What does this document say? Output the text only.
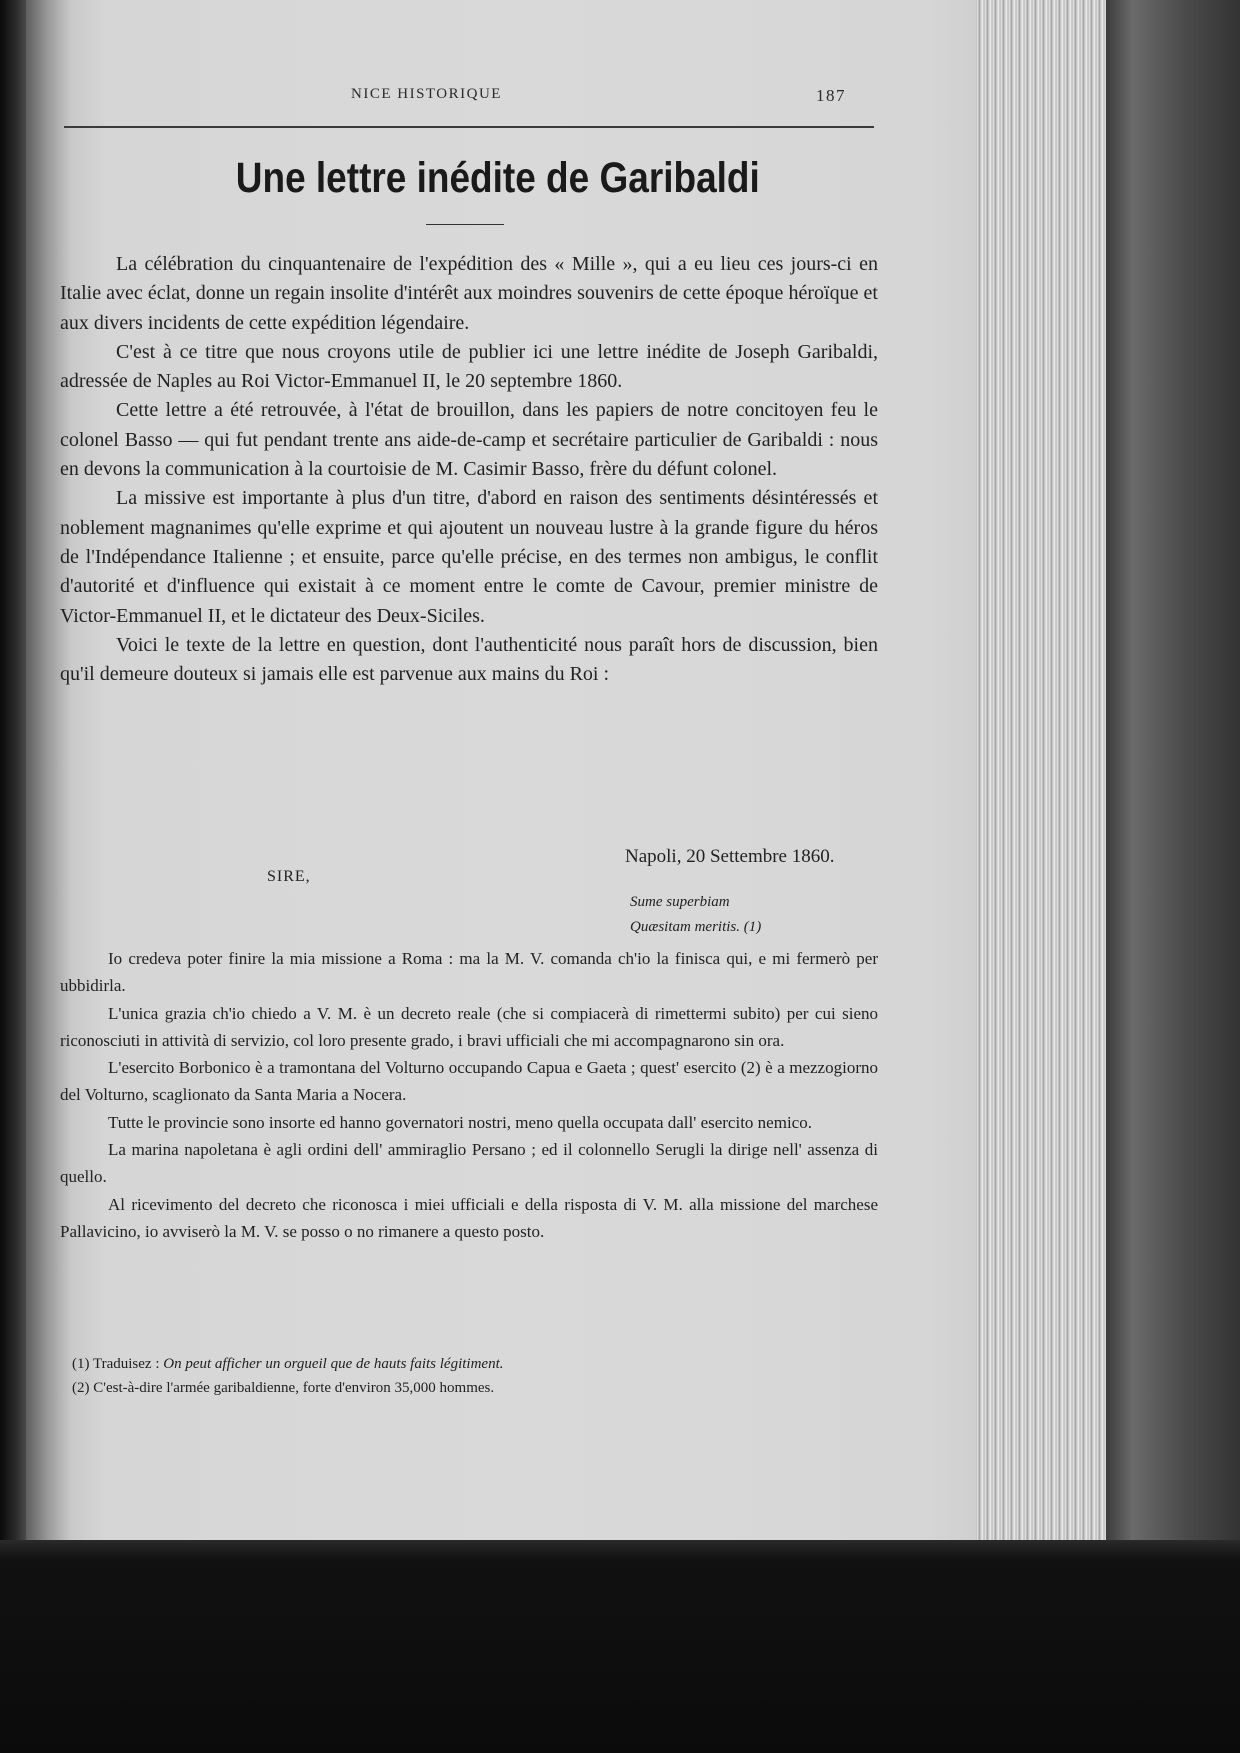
NICE HISTORIQUE	187
Une lettre inédite de Garibaldi

La célébration du cinquantenaire de l'expédition des « Mille », qui a eu lieu ces jours-ci en Italie avec éclat, donne un regain insolite d'intérêt aux moindres souvenirs de cette époque héroïque et aux divers incidents de cette expédition légendaire.

C'est à ce titre que nous croyons utile de publier ici une lettre inédite de Joseph Garibaldi, adressée de Naples au Roi Victor-Emmanuel II, le 20 septembre 1860.

Cette lettre a été retrouvée, à l'état de brouillon, dans les papiers de notre concitoyen feu le colonel Basso — qui fut pendant trente ans aide-de-camp et secrétaire particulier de Garibaldi : nous en devons la communication à la courtoisie de M. Casimir Basso, frère du défunt colonel.

La missive est importante à plus d'un titre, d'abord en raison des sentiments désintéressés et noblement magnanimes qu'elle exprime et qui ajoutent un nouveau lustre à la grande figure du héros de l'Indépendance Italienne ; et ensuite, parce qu'elle précise, en des termes non ambigus, le conflit d'autorité et d'influence qui existait à ce moment entre le comte de Cavour, premier ministre de Victor-Emmanuel II, et le dictateur des Deux-Siciles.

Voici le texte de la lettre en question, dont l'authenticité nous paraît hors de discussion, bien qu'il demeure douteux si jamais elle est parvenue aux mains du Roi :

Napoli, 20 Settembre 1860.
SIRE,
Sume superbiam
Quæsitam meritis. (1)

Io credeva poter finire la mia missione a Roma : ma la M. V. comanda ch'io la finisca qui, e mi fermerò per ubbidirla.

L'unica grazia ch'io chiedo a V. M. è un decreto reale (che si compiacerà di rimettermi subito) per cui sieno riconosciuti in attività di servizio, col loro presente grado, i bravi ufficiali che mi accompagnarono sin ora.

L'esercito Borbonico è a tramontana del Volturno occupando Capua e Gaeta ; quest' esercito (2) è a mezzogiorno del Volturno, scaglionato da Santa Maria a Nocera.

Tutte le provincie sono insorte ed hanno governatori nostri, meno quella occupata dall' esercito nemico.

La marina napoletana è agli ordini dell' ammiraglio Persano ; ed il colonnello Serugli la dirige nell' assenza di quello.

Al ricevimento del decreto che riconosca i miei ufficiali e della risposta di V. M. alla missione del marchese Pallavicino, io avviserò la M. V. se posso o no rimanere a questo posto.

(1) Traduisez : On peut afficher un orgueil que de hauts faits légitiment.

(2) C'est-à-dire l'armée garibaldienne, forte d'environ 35,000 hommes.
